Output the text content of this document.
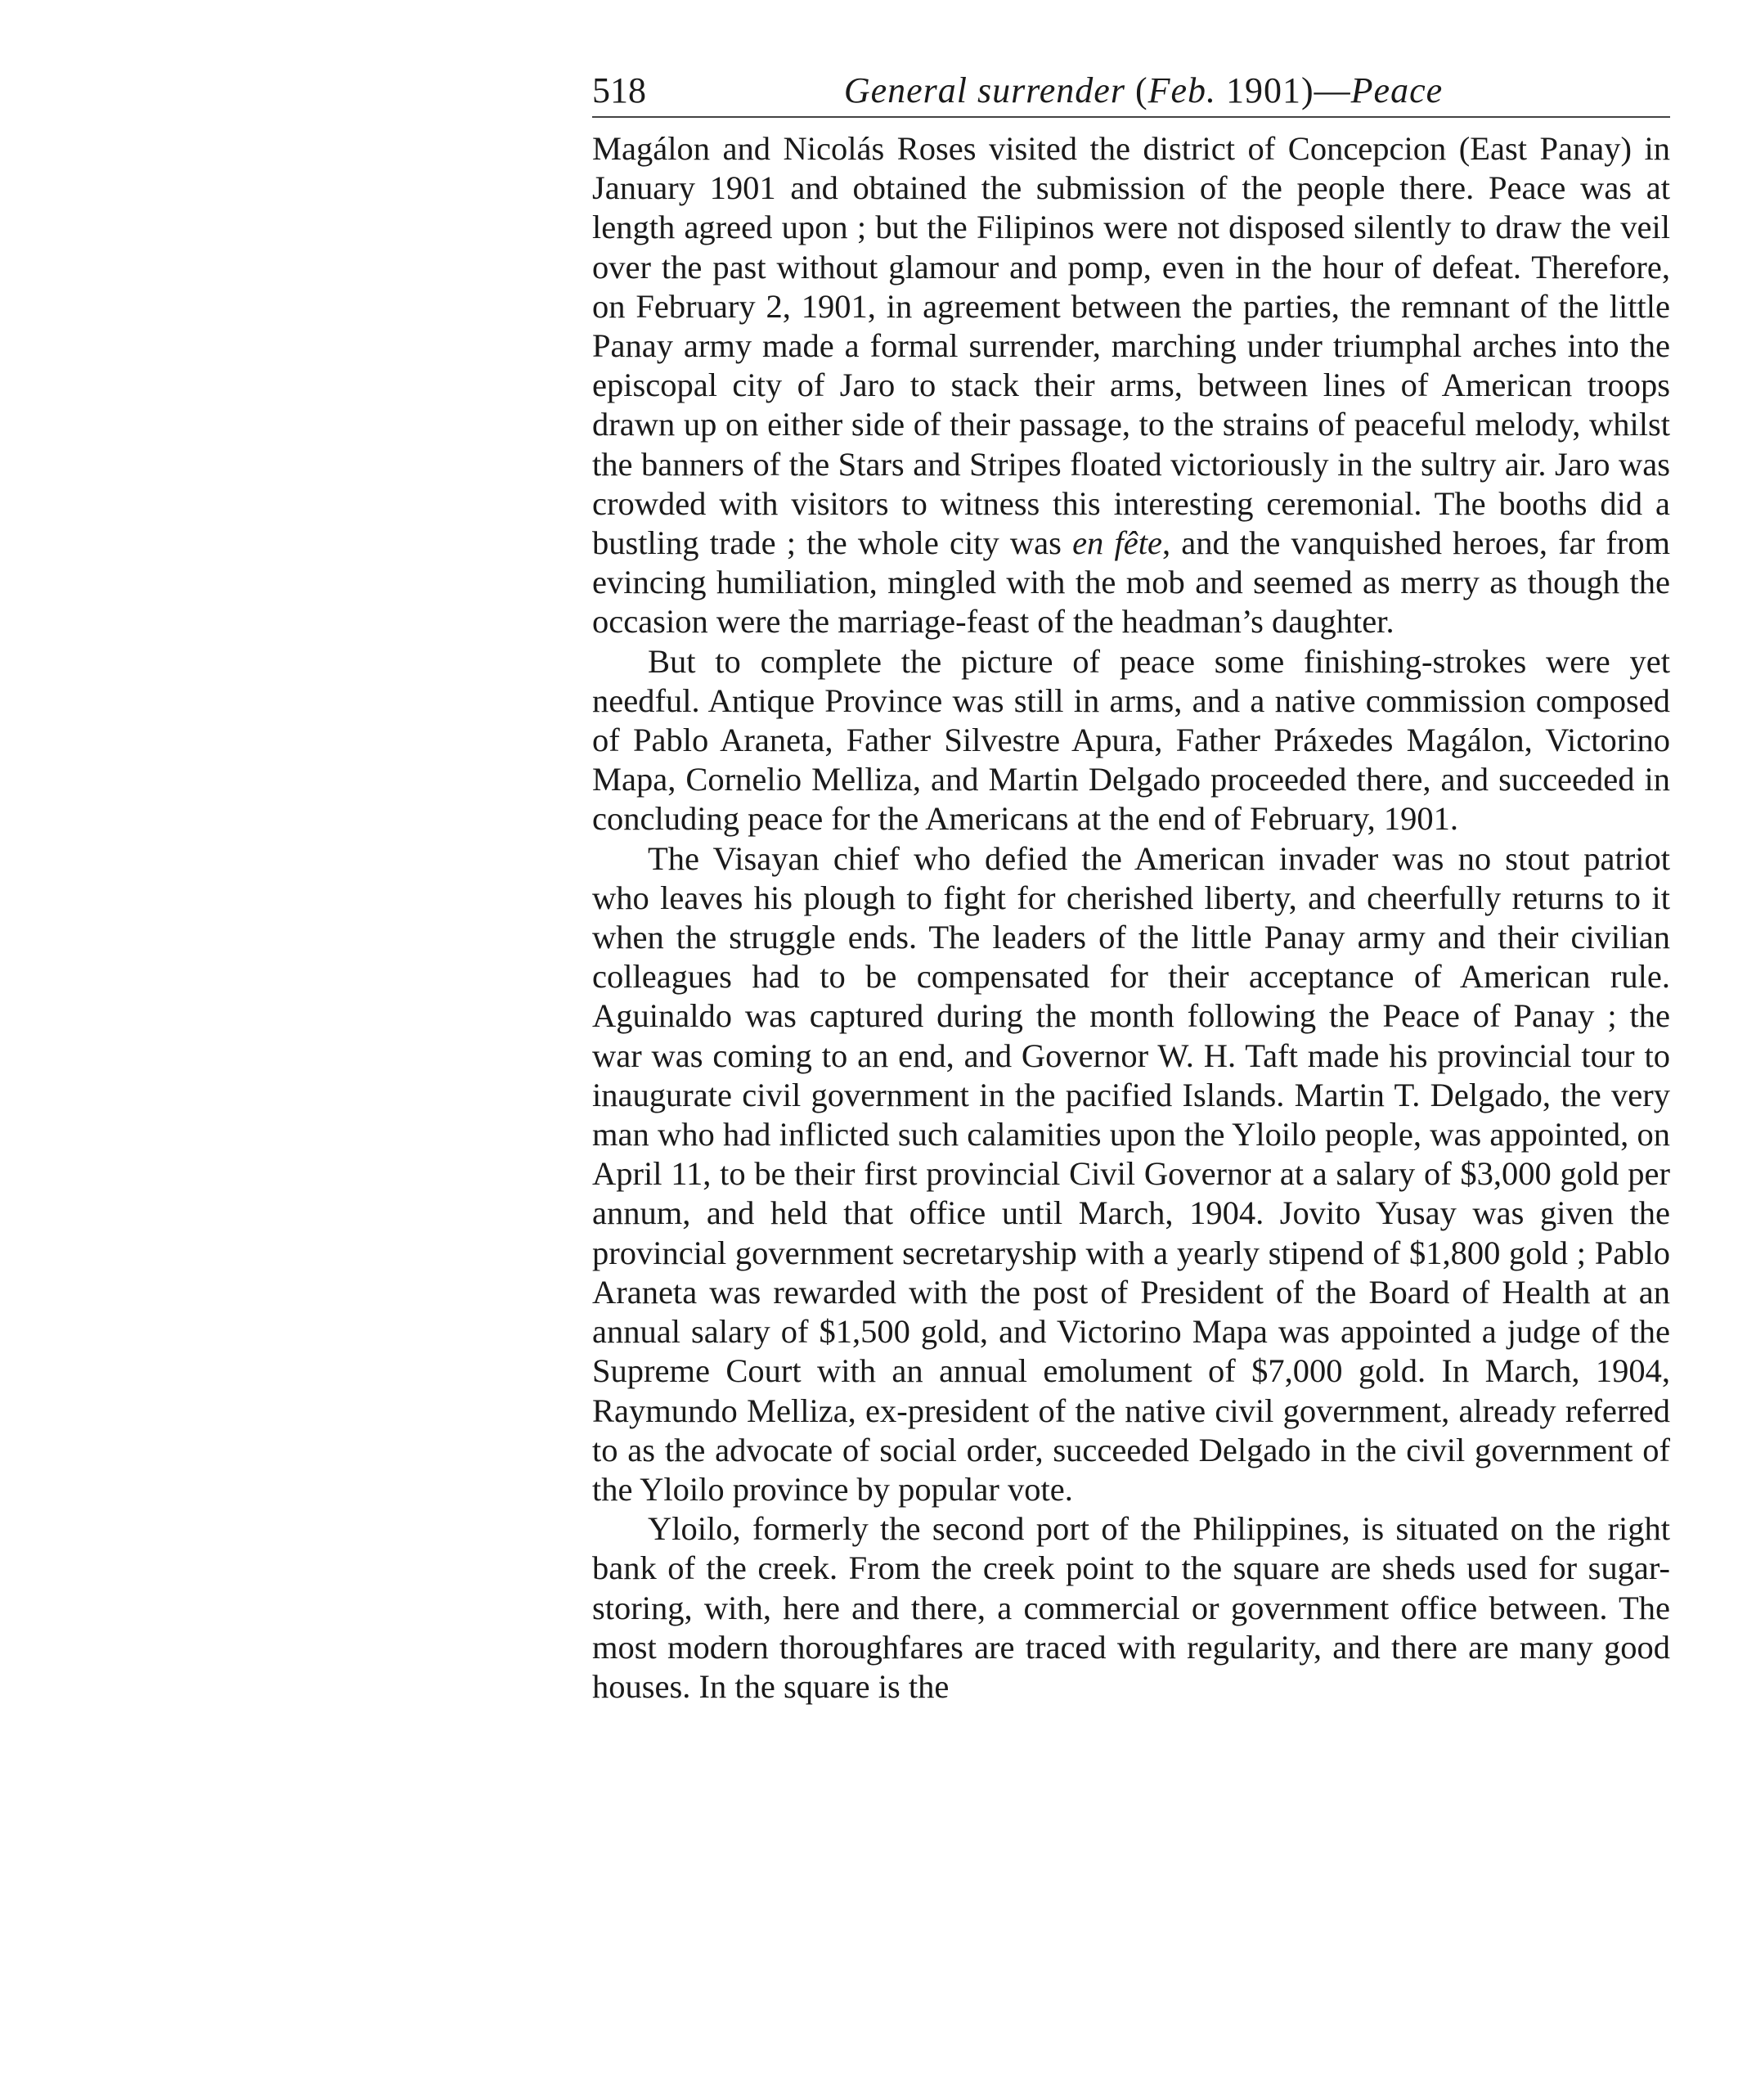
518	General surrender (Feb. 1901)—Peace

Magálon and Nicolás Roses visited the district of Concepcion (East Panay) in January 1901 and obtained the submission of the people there. Peace was at length agreed upon ; but the Filipinos were not disposed silently to draw the veil over the past without glamour and pomp, even in the hour of defeat. Therefore, on February 2, 1901, in agreement between the parties, the remnant of the little Panay army made a formal surrender, marching under triumphal arches into the episcopal city of Jaro to stack their arms, between lines of American troops drawn up on either side of their passage, to the strains of peaceful melody, whilst the banners of the Stars and Stripes floated victoriously in the sultry air. Jaro was crowded with visitors to witness this interesting ceremonial. The booths did a bustling trade ; the whole city was en fête, and the vanquished heroes, far from evincing humiliation, mingled with the mob and seemed as merry as though the occasion were the marriage-feast of the headman’s daughter.

But to complete the picture of peace some finishing-strokes were yet needful. Antique Province was still in arms, and a native commission composed of Pablo Araneta, Father Silvestre Apura, Father Práxedes Magálon, Victorino Mapa, Cornelio Melliza, and Martin Delgado proceeded there, and succeeded in concluding peace for the Americans at the end of February, 1901.

The Visayan chief who defied the American invader was no stout patriot who leaves his plough to fight for cherished liberty, and cheerfully returns to it when the struggle ends. The leaders of the little Panay army and their civilian colleagues had to be compensated for their acceptance of American rule. Aguinaldo was captured during the month following the Peace of Panay ; the war was coming to an end, and Governor W. H. Taft made his provincial tour to inaugurate civil government in the pacified Islands. Martin T. Delgado, the very man who had inflicted such calamities upon the Yloilo people, was appointed, on April 11, to be their first provincial Civil Governor at a salary of $3,000 gold per annum, and held that office until March, 1904. Jovito Yusay was given the provincial government secretaryship with a yearly stipend of $1,800 gold ; Pablo Araneta was rewarded with the post of President of the Board of Health at an annual salary of $1,500 gold, and Victorino Mapa was appointed a judge of the Supreme Court with an annual emolument of $7,000 gold. In March, 1904, Raymundo Melliza, ex-president of the native civil government, already referred to as the advocate of social order, succeeded Delgado in the civil government of the Yloilo province by popular vote.

Yloilo, formerly the second port of the Philippines, is situated on the right bank of the creek. From the creek point to the square are sheds used for sugar-storing, with, here and there, a commercial or government office between. The most modern thoroughfares are traced with regularity, and there are many good houses. In the square is the
